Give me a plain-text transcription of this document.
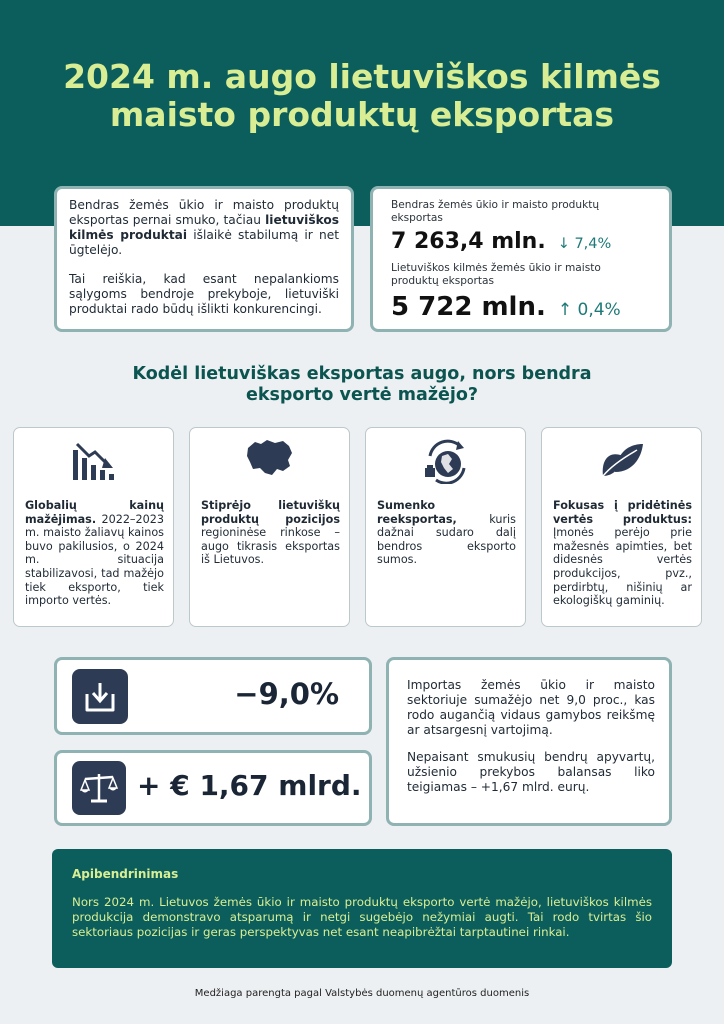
2024 m. augo lietuviškos kilmės
maisto produktų eksportas

Bendras žemės ūkio ir maisto produktų eksportas pernai smuko, tačiau lietuviškos kilmės produktai išlaikė stabilumą ir net ūgtelėjo.

Tai reiškia, kad esant nepalankioms sąlygoms bendroje prekyboje, lietuviški produktai rado būdų išlikti konkurencingi.

Bendras žemės ūkio ir maisto produktų eksportas
7 263,4 mln. ↓ 7,4%
Lietuviškos kilmės žemės ūkio ir maisto produktų eksportas
5 722 mln. ↑ 0,4%
Kodėl lietuviškas eksportas augo, nors bendra
eksporto vertė mažėjo?
Globalių kainų mažėjimas. 2022–2023 m. maisto žaliavų kainos buvo pakilusios, o 2024 m. situacija stabilizavosi, tad mažėjo tiek eksporto, tiek importo vertės.
Stiprėjo lietuviškų produktų pozicijos regioninėse rinkose – augo tikrasis eksportas iš Lietuvos.
Sumenko reeksportas, kuris dažnai sudaro dalį bendros eksporto sumos.
Fokusas į pridėtinės vertės produktus: Įmonės perėjo prie mažesnės apimties, bet didesnės vertės produkcijos, pvz., perdirbtų, nišinių ar ekologiškų gaminių.
−9,0%
+ € 1,67 mlrd.

Importas žemės ūkio ir maisto sektoriuje sumažėjo net 9,0 proc., kas rodo augančią vidaus gamybos reikšmę ar atsargesnį vartojimą.

Nepaisant smukusių bendrų apyvartų, užsienio prekybos balansas liko teigiamas – +1,67 mlrd. eurų.

Apibendrinimas
Nors 2024 m. Lietuvos žemės ūkio ir maisto produktų eksporto vertė mažėjo, lietuviškos kilmės produkcija demonstravo atsparumą ir netgi sugebėjo nežymiai augti. Tai rodo tvirtas šio sektoriaus pozicijas ir geras perspektyvas net esant neapibrėžtai tarptautinei rinkai.
Medžiaga parengta pagal Valstybės duomenų agentūros duomenis
